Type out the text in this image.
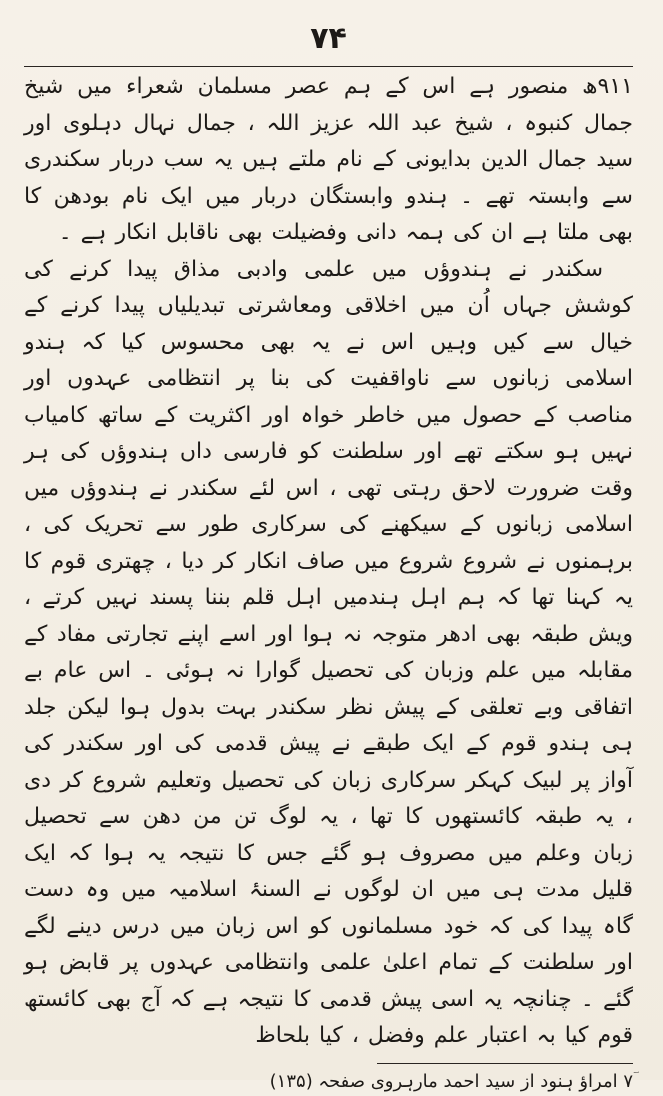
۷۴

۹۱۱ھ منصور ہے اس کے ہم عصر مسلمان شعراء میں شیخ جمال کنبوہ ، شیخ عبد اللہ عزیز اللہ ، جمال نہال دہلوی اور سید جمال الدین بدایونی کے نام ملتے ہیں یہ سب دربار سکندری سے وابستہ تھے ۔ ہندو وابستگان دربار میں ایک نام بودھن کا بھی ملتا ہے ان کی ہمہ دانی وفضیلت بھی ناقابل انکار ہے ۔

سکندر نے ہندوؤں میں علمی وادبی مذاق پیدا کرنے کی کوشش جہاں اُن میں اخلاقی ومعاشرتی تبدیلیاں پیدا کرنے کے خیال سے کیں وہیں اس نے یہ بھی محسوس کیا کہ ہندو اسلامی زبانوں سے ناواقفیت کی بنا پر انتظامی عہدوں اور مناصب کے حصول میں خاطر خواہ اور اکثریت کے ساتھ کامیاب نہیں ہو سکتے تھے اور سلطنت کو فارسی داں ہندوؤں کی ہر وقت ضرورت لاحق رہتی تھی ، اس لئے سکندر نے ہندوؤں میں اسلامی زبانوں کے سیکھنے کی سرکاری طور سے تحریک کی ، برہمنوں نے شروع شروع میں صاف انکار کر دیا ، چھتری قوم کا یہ کہنا تھا کہ ہم اہل ہندمیں اہل قلم بننا پسند نہیں کرتے ، ویش طبقہ بھی ادھر متوجہ نہ ہوا اور اسے اپنے تجارتی مفاد کے مقابلہ میں علم وزبان کی تحصیل گوارا نہ ہوئی ۔ اس عام بے اتفاقی وبے تعلقی کے پیش نظر سکندر بہت بدول ہوا لیکن جلد ہی ہندو قوم کے ایک طبقے نے پیش قدمی کی اور سکندر کی آواز پر لبیک کہکر سرکاری زبان کی تحصیل وتعلیم شروع کر دی ، یہ طبقہ کائستھوں کا تھا ، یہ لوگ تن من دھن سے تحصیل زبان وعلم میں مصروف ہو گئے جس کا نتیجہ یہ ہوا کہ ایک قلیل مدت ہی میں ان لوگوں نے السنۂ اسلامیہ میں وہ دست گاہ پیدا کی کہ خود مسلمانوں کو اس زبان میں درس دینے لگے اور سلطنت کے تمام اعلیٰ علمی وانتظامی عہدوں پر قابض ہو گئے ۔ چنانچہ یہ اسی پیش قدمی کا نتیجہ ہے کہ آج بھی کائستھ قوم کیا بہ اعتبار علم وفضل ، کیا بلحاظ

ؔ۷ امراؤ ہنود از سید احمد مارہروی صفحہ (۱۳۵)
